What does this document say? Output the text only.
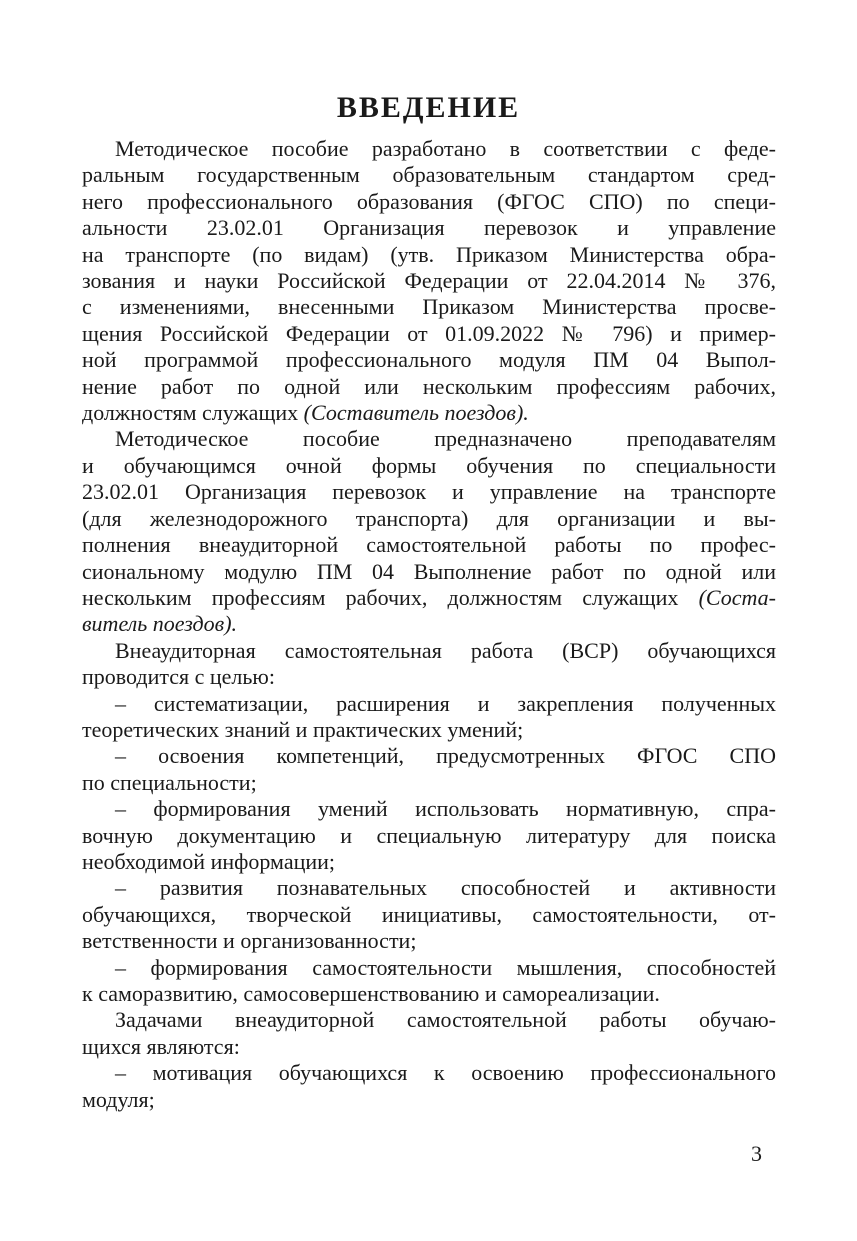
ВВЕДЕНИЕ

Методическое пособие разработано в соответствии с феде-
ральным государственным образовательным стандартом сред-
него профессионального образования (ФГОС СПО) по специ-
альности 23.02.01 Организация перевозок и управление
на транспорте (по видам) (утв. Приказом Министерства обра-
зования и науки Российской Федерации от 22.04.2014 № 376,
с изменениями, внесенными Приказом Министерства просве-
щения Российской Федерации от 01.09.2022 № 796) и пример-
ной программой профессионального модуля ПМ 04 Выпол-
нение работ по одной или нескольким профессиям рабочих,
должностям служащих (Составитель поездов).

Методическое пособие предназначено преподавателям
и обучающимся очной формы обучения по специальности
23.02.01 Организация перевозок и управление на транспорте
(для железнодорожного транспорта) для организации и вы-
полнения внеаудиторной самостоятельной работы по профес-
сиональному модулю ПМ 04 Выполнение работ по одной или
нескольким профессиям рабочих, должностям служащих (Соста-
витель поездов).

Внеаудиторная самостоятельная работа (ВСР) обучающихся
проводится с целью:

– систематизации, расширения и закрепления полученных
теоретических знаний и практических умений;

– освоения компетенций, предусмотренных ФГОС СПО
по специальности;

– формирования умений использовать нормативную, спра-
вочную документацию и специальную литературу для поиска
необходимой информации;

– развития познавательных способностей и активности
обучающихся, творческой инициативы, самостоятельности, от-
ветственности и организованности;

– формирования самостоятельности мышления, способностей
к саморазвитию, самосовершенствованию и самореализации.

Задачами внеаудиторной самостоятельной работы обучаю-
щихся являются:

– мотивация обучающихся к освоению профессионального
модуля;

3
